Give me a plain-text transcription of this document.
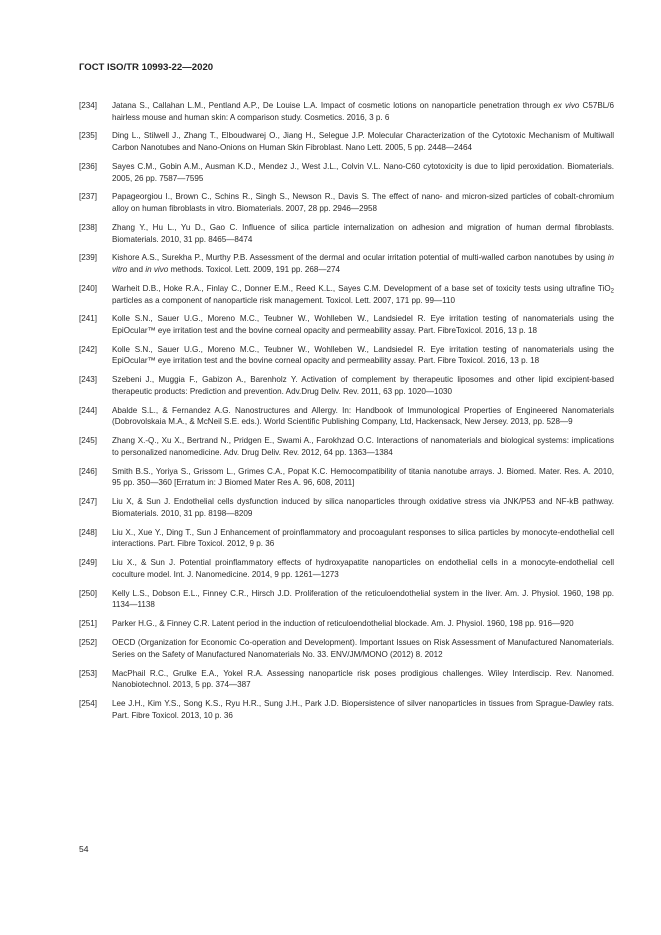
ГОСТ ISO/TR 10993-22—2020
[234] Jatana S., Callahan L.M., Pentland A.P., De Louise L.A. Impact of cosmetic lotions on nanoparticle penetration through ex vivo C57BL/6 hairless mouse and human skin: A comparison study. Cosmetics. 2016, 3 p. 6
[235] Ding L., Stilwell J., Zhang T., Elboudwarej O., Jiang H., Selegue J.P. Molecular Characterization of the Cytotoxic Mechanism of Multiwall Carbon Nanotubes and Nano-Onions on Human Skin Fibroblast. Nano Lett. 2005, 5 pp. 2448—2464
[236] Sayes C.M., Gobin A.M., Ausman K.D., Mendez J., West J.L., Colvin V.L. Nano-C60 cytotoxicity is due to lipid peroxidation. Biomaterials. 2005, 26 pp. 7587—7595
[237] Papageorgiou I., Brown C., Schins R., Singh S., Newson R., Davis S. The effect of nano- and micron-sized particles of cobalt-chromium alloy on human fibroblasts in vitro. Biomaterials. 2007, 28 pp. 2946—2958
[238] Zhang Y., Hu L., Yu D., Gao C. Influence of silica particle internalization on adhesion and migration of human dermal fibroblasts. Biomaterials. 2010, 31 pp. 8465—8474
[239] Kishore A.S., Surekha P., Murthy P.B. Assessment of the dermal and ocular irritation potential of multi-walled carbon nanotubes by using in vitro and in vivo methods. Toxicol. Lett. 2009, 191 pp. 268—274
[240] Warheit D.B., Hoke R.A., Finlay C., Donner E.M., Reed K.L., Sayes C.M. Development of a base set of toxicity tests using ultrafine TiO$_2$ particles as a component of nanoparticle risk management. Toxicol. Lett. 2007, 171 pp. 99—110
[241] Kolle S.N., Sauer U.G., Moreno M.C., Teubner W., Wohlleben W., Landsiedel R. Eye irritation testing of nanomaterials using the EpiOcular™ eye irritation test and the bovine corneal opacity and permeability assay. Part. FibreToxicol. 2016, 13 p. 18
[242] Kolle S.N., Sauer U.G., Moreno M.C., Teubner W., Wohlleben W., Landsiedel R. Eye irritation testing of nanomaterials using the EpiOcular™ eye irritation test and the bovine corneal opacity and permeability assay. Part. Fibre Toxicol. 2016, 13 p. 18
[243] Szebeni J., Muggia F., Gabizon A., Barenholz Y. Activation of complement by therapeutic liposomes and other lipid excipient-based therapeutic products: Prediction and prevention. Adv.Drug Deliv. Rev. 2011, 63 pp. 1020—1030
[244] Abalde S.L., & Fernandez A.G. Nanostructures and Allergy. In: Handbook of Immunological Properties of Engineered Nanomaterials (Dobrovolskaia M.A., & McNeil S.E. eds.). World Scientific Publishing Company, Ltd, Hackensack, New Jersey. 2013, pp. 528—9
[245] Zhang X.-Q., Xu X., Bertrand N., Pridgen E., Swami A., Farokhzad O.C. Interactions of nanomaterials and biological systems: implications to personalized nanomedicine. Adv. Drug Deliv. Rev. 2012, 64 pp. 1363—1384
[246] Smith B.S., Yoriya S., Grissom L., Grimes C.A., Popat K.C. Hemocompatibility of titania nanotube arrays. J. Biomed. Mater. Res. A. 2010, 95 pp. 350—360 [Erratum in: J Biomed Mater Res A. 96, 608, 2011]
[247] Liu X, & Sun J. Endothelial cells dysfunction induced by silica nanoparticles through oxidative stress via JNK/P53 and NF-kB pathway. Biomaterials. 2010, 31 pp. 8198—8209
[248] Liu X., Xue Y., Ding T., Sun J Enhancement of proinflammatory and procoagulant responses to silica particles by monocyte-endothelial cell interactions. Part. Fibre Toxicol. 2012, 9 p. 36
[249] Liu X., & Sun J. Potential proinflammatory effects of hydroxyapatite nanoparticles on endothelial cells in a monocyte-endothelial cell coculture model. Int. J. Nanomedicine. 2014, 9 pp. 1261—1273
[250] Kelly L.S., Dobson E.L., Finney C.R., Hirsch J.D. Proliferation of the reticuloendothelial system in the liver. Am. J. Physiol. 1960, 198 pp. 1134—1138
[251] Parker H.G., & Finney C.R. Latent period in the induction of reticuloendothelial blockade. Am. J. Physiol. 1960, 198 pp. 916—920
[252] OECD (Organization for Economic Co-operation and Development). Important Issues on Risk Assessment of Manufactured Nanomaterials. Series on the Safety of Manufactured Nanomaterials No. 33. ENV/JM/MONO (2012) 8. 2012
[253] MacPhail R.C., Grulke E.A., Yokel R.A. Assessing nanoparticle risk poses prodigious challenges. Wiley Interdiscip. Rev. Nanomed. Nanobiotechnol. 2013, 5 pp. 374—387
[254] Lee J.H., Kim Y.S., Song K.S., Ryu H.R., Sung J.H., Park J.D. Biopersistence of silver nanoparticles in tissues from Sprague-Dawley rats. Part. Fibre Toxicol. 2013, 10 p. 36
54
